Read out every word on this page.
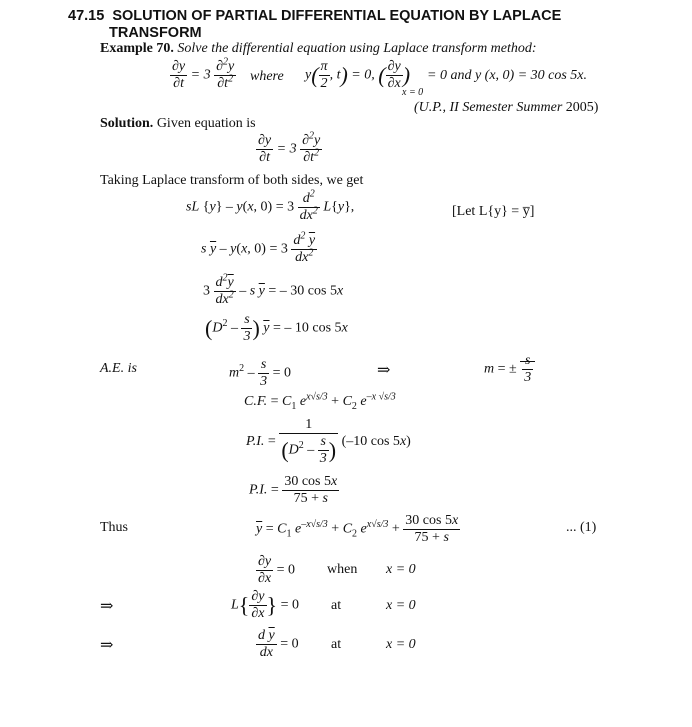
47.15 SOLUTION OF PARTIAL DIFFERENTIAL EQUATION BY LAPLACE
TRANSFORM
Example 70. Solve the differential equation using Laplace transform method:
$\frac{\partial y}{\partial t} = 3 \frac{\partial^2y}{\partial t^2}$ where $y( \frac{\pi}{2}$ , t) = 0, ( $\frac{\partial y}{\partial x}$ )
x = 0
= 0 and y (x, 0) = 30 cos 5x.
(U.P., II Semester Summer 2005)
Solution. Given equation is
$\frac{\partial y}{\partial t} = 3 \frac{\partial^2y}{\partial t^2}$
Taking Laplace transform of both sides, we get
sL {y} – y(x, $0) = 3 \frac{d^2}{dx^2} L\{y\}$,	[Let L{y} = y̅]
s $\overline{y} - y(x$, $0) = 3 \frac{d^2 \overline{y}}{dx^2}$
$3 \frac{d^2\overline{y}}{dx^2}$ – s $\overline{y}$ = – 30 cos 5x
($D^2 - \frac{s}{3}$ ) $\overline{y}$ = – 10 cos 5x
A.E. is	$m^2 - \frac{s}{3} = 0$	⇒	m = ± $\frac{s}{3}$
C.F. = $C_1$ $e^{x√s/3} + C_2$ $e^{-x √s/3}$
P.I. = $\frac{1}{(D^2 - \frac{s}{3} )} (-10$ cos 5x)
P.I. = $\frac{30 \cos 5x}{75 + s}$
Thus	$\overline{y} = C_1$ $e^{-x√s/3} + C_2$ $e^{x√s/3} + \frac{30 \cos 5x}{75 + s}$	... (1)
$\frac{\partial y}{\partial x} = 0$ when x = 0
⇒	$L\{ \frac{\partial y}{\partial x}$ } = 0 at	x = 0
⇒	$\frac{d \overline{y}}{dx} = 0$ at	x = 0
